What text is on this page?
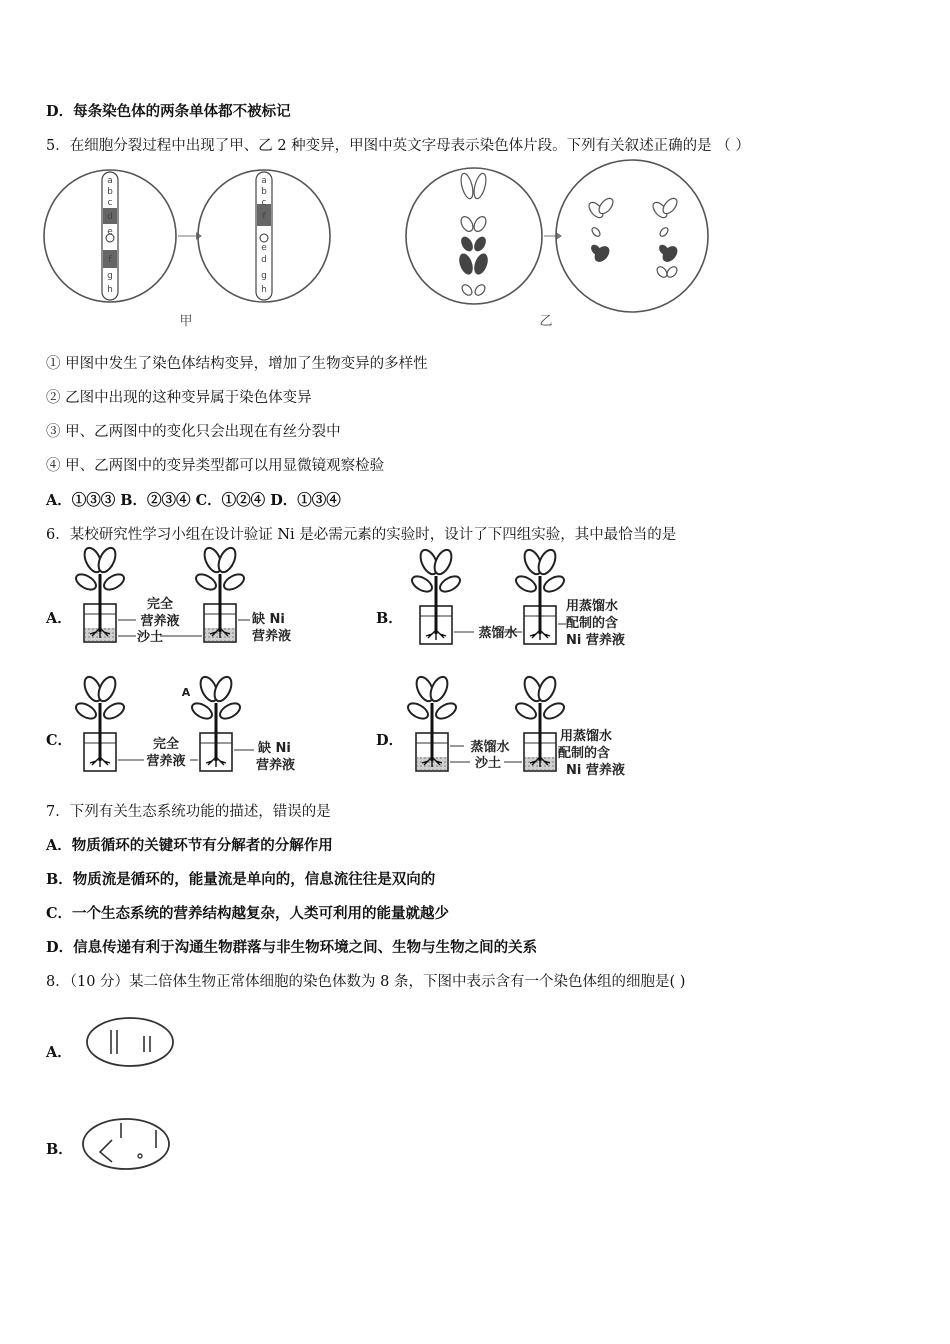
D．每条染色体的两条单体都不被标记
5．在细胞分裂过程中出现了甲、乙 2 种变异，甲图中英文字母表示染色体片段。下列有关叙述正确的是 （ ）
a
b
c
d
e
f
g
h
a
b
c
f
e
d
g
h
甲	乙
① 甲图中发生了染色体结构变异，增加了生物变异的多样性
② 乙图中出现的这种变异属于染色体变异
③ 甲、乙两图中的变化只会出现在有丝分裂中
④ 甲、乙两图中的变异类型都可以用显微镜观察检验
A．①③③ B．②③④ C．①②④ D．①③④
6．某校研究性学习小组在设计验证 Ni 是必需元素的实验时，设计了下四组实验，其中最恰当的是
A．	B．
C．	D．
完全
营养液
沙土
缺 Ni
营养液	蒸馏水
用蒸馏水
配制的含
Ni 营养液
A
完全
营养液
缺 Ni
营养液
蒸馏水
沙土
用蒸馏水
配制的含
Ni 营养液
7．下列有关生态系统功能的描述，错误的是
A．物质循环的关键环节有分解者的分解作用
B．物质流是循环的，能量流是单向的，信息流往往是双向的
C．一个生态系统的营养结构越复杂，人类可利用的能量就越少
D．信息传递有利于沟通生物群落与非生物环境之间、生物与生物之间的关系
8．（10 分）某二倍体生物正常体细胞的染色体数为 8 条，下图中表示含有一个染色体组的细胞是( )
A．
B．
